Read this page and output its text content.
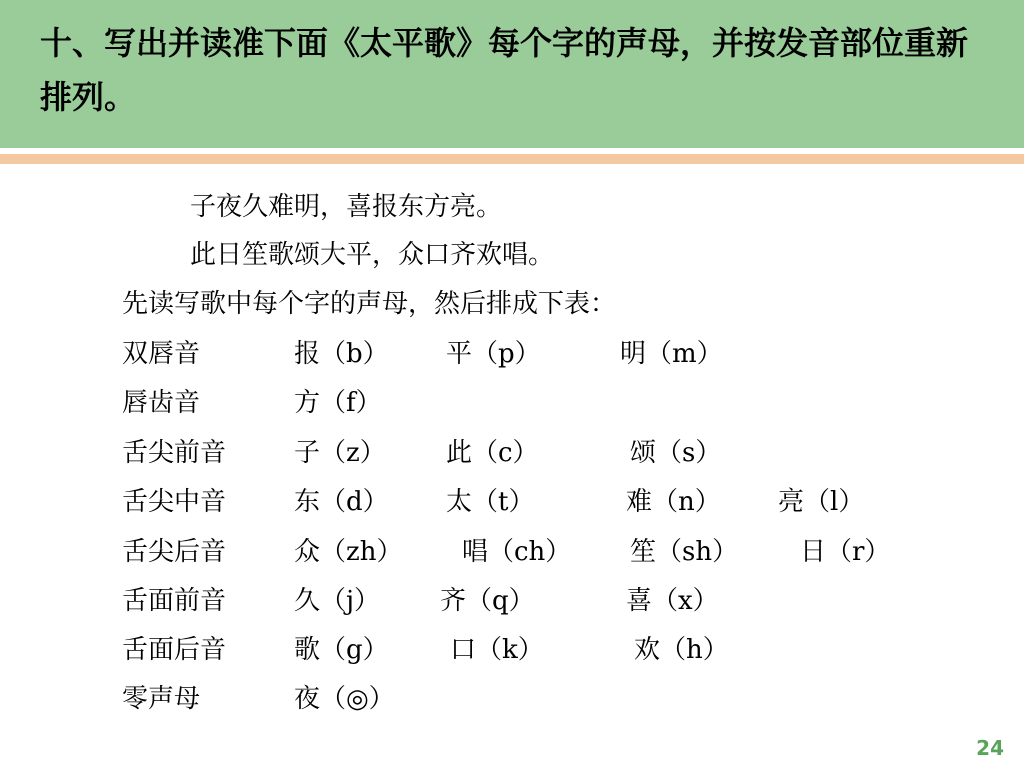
十、写出并读准下面《太平歌》每个字的声母，并按发音部位重新排列。
子夜久难明，喜报东方亮。
此日笙歌颂大平，众口齐欢唱。
先读写歌中每个字的声母，然后排成下表：
双唇音	报（b） 平（p）	明（m）
唇齿音	方（f）
舌尖前音	子（z） 此（c）	颂（s）
舌尖中音	东（d） 太（t）	难（n） 亮（l）
舌尖后音	众（zh） 唱（ch） 笙（sh） 日（r）
舌面前音	久（j） 齐（q）	喜（x）
舌面后音	歌（g） 口（k）	欢（h）
零声母	夜（◎）
24
